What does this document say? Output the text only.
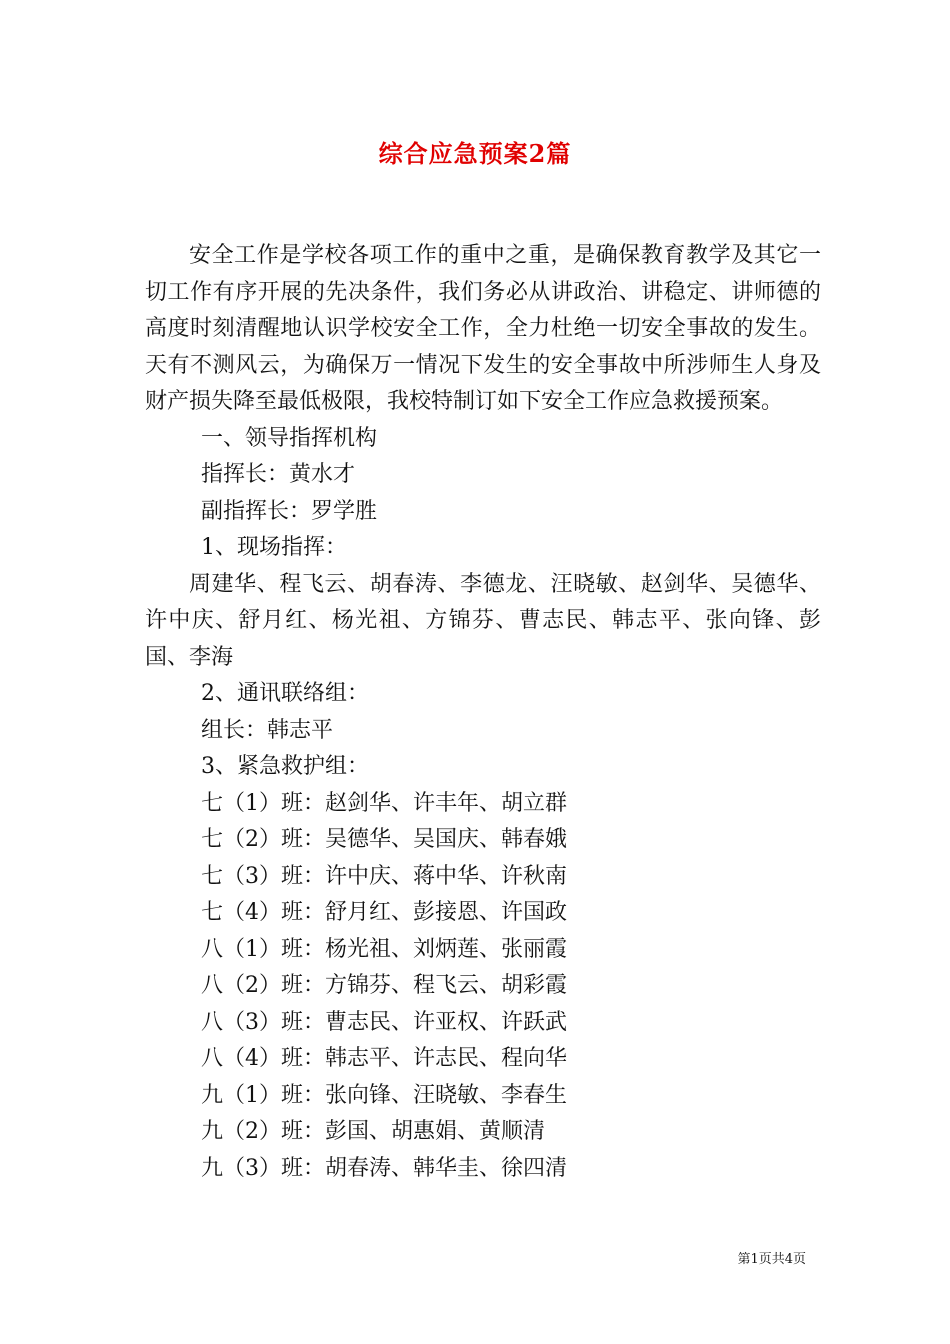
综合应急预案2篇

安全工作是学校各项工作的重中之重，是确保教育教学及其它一切工作有序开展的先决条件，我们务必从讲政治、讲稳定、讲师德的高度时刻清醒地认识学校安全工作，全力杜绝一切安全事故的发生。天有不测风云，为确保万一情况下发生的安全事故中所涉师生人身及财产损失降至最低极限，我校特制订如下安全工作应急救援预案。

一、领导指挥机构

指挥长：黄水才

副指挥长：罗学胜

1、现场指挥：

周建华、程飞云、胡春涛、李德龙、汪晓敏、赵剑华、吴德华、许中庆、舒月红、杨光祖、方锦芬、曹志民、韩志平、张向锋、彭国、李海

2、通讯联络组：

组长：韩志平

3、紧急救护组：

七（1）班：赵剑华、许丰年、胡立群

七（2）班：吴德华、吴国庆、韩春娥

七（3）班：许中庆、蒋中华、许秋南

七（4）班：舒月红、彭接恩、许国政

八（1）班：杨光祖、刘炳莲、张丽霞

八（2）班：方锦芬、程飞云、胡彩霞

八（3）班：曹志民、许亚权、许跃武

八（4）班：韩志平、许志民、程向华

九（1）班：张向锋、汪晓敏、李春生

九（2）班：彭国、胡惠娟、黄顺清

九（3）班：胡春涛、韩华圭、徐四清

第1页共4页
